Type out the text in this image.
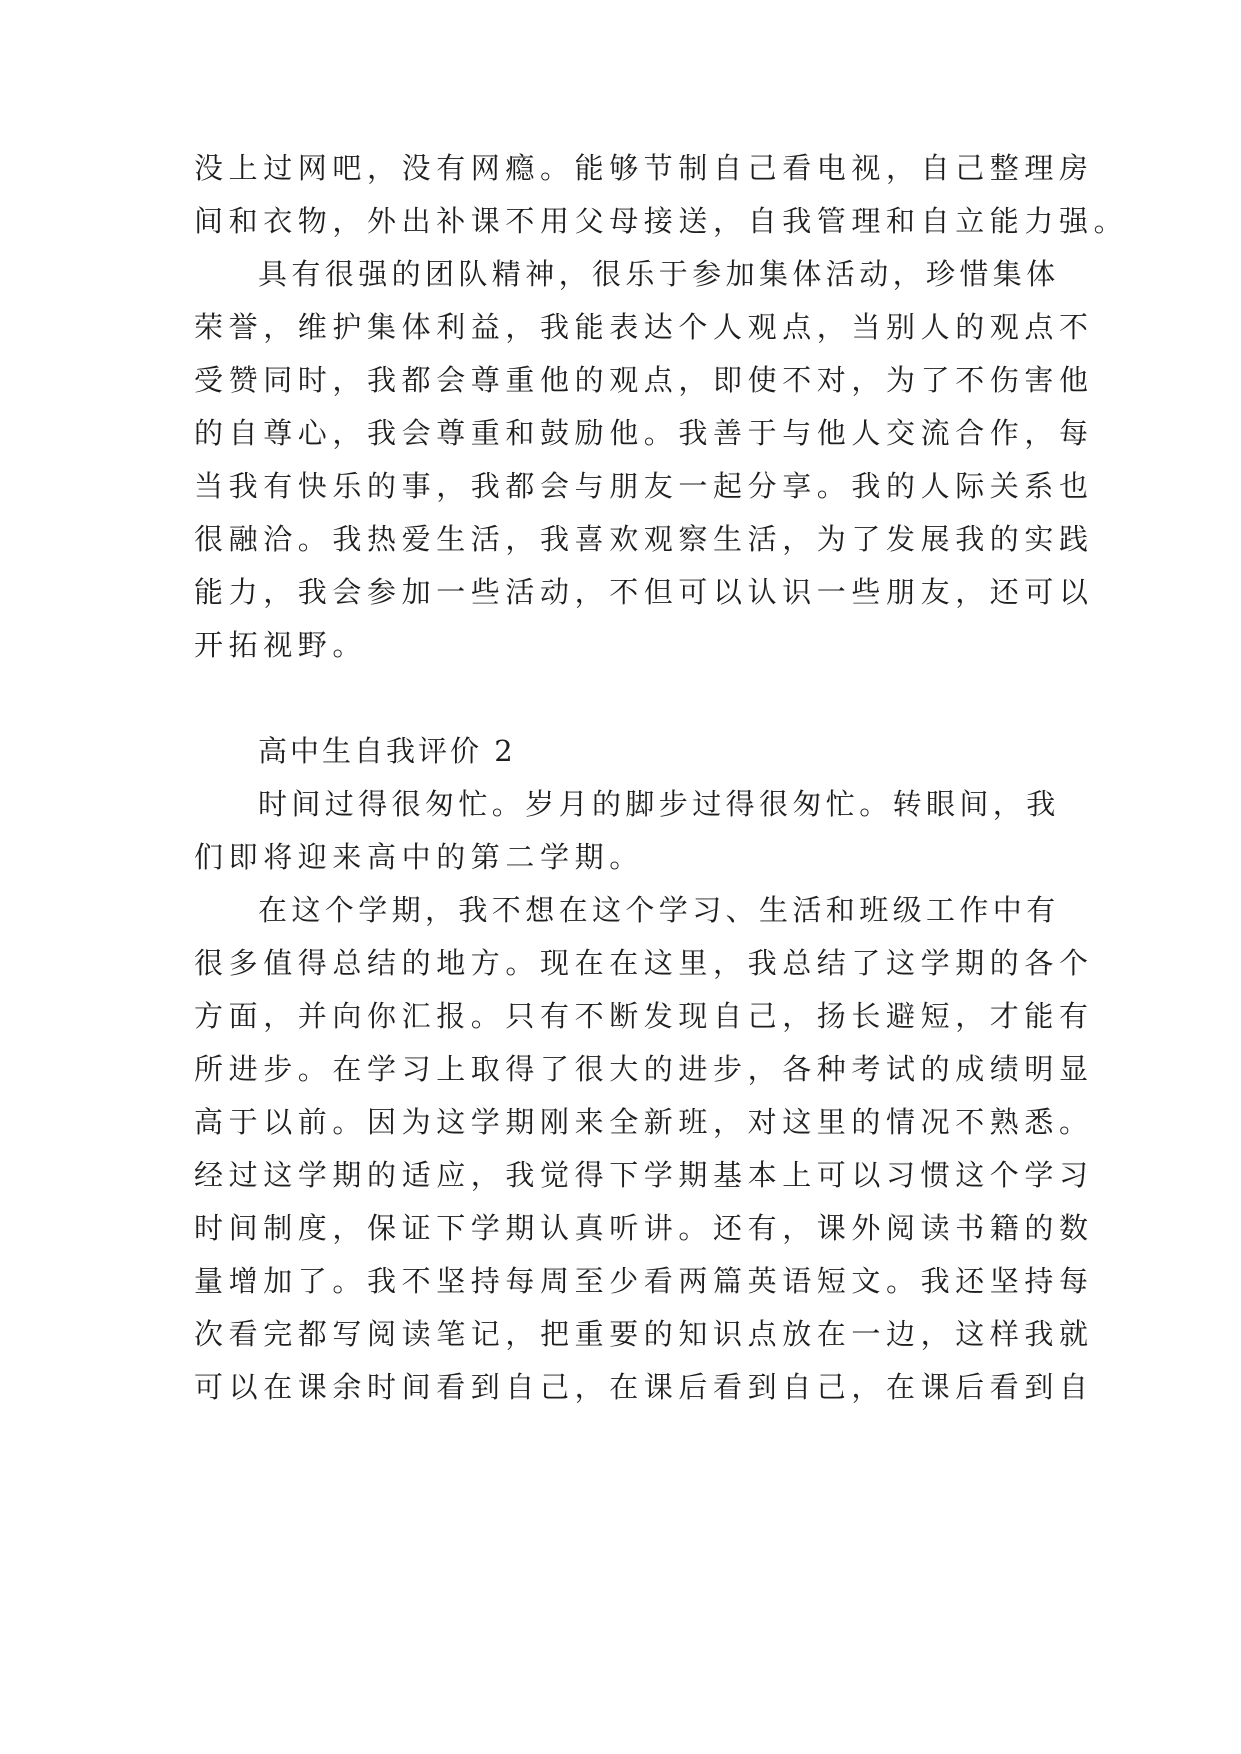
没上过网吧，没有网瘾。能够节制自己看电视，自己整理房

间和衣物，外出补课不用父母接送，自我管理和自立能力强。

具有很强的团队精神，很乐于参加集体活动，珍惜集体

荣誉，维护集体利益，我能表达个人观点，当别人的观点不

受赞同时，我都会尊重他的观点，即使不对，为了不伤害他

的自尊心，我会尊重和鼓励他。我善于与他人交流合作，每

当我有快乐的事，我都会与朋友一起分享。我的人际关系也

很融洽。我热爱生活，我喜欢观察生活，为了发展我的实践

能力，我会参加一些活动，不但可以认识一些朋友，还可以

开拓视野。

高中生自我评价 2

时间过得很匆忙。岁月的脚步过得很匆忙。转眼间，我

们即将迎来高中的第二学期。

在这个学期，我不想在这个学习、生活和班级工作中有

很多值得总结的地方。现在在这里，我总结了这学期的各个

方面，并向你汇报。只有不断发现自己，扬长避短，才能有

所进步。在学习上取得了很大的进步，各种考试的成绩明显

高于以前。因为这学期刚来全新班，对这里的情况不熟悉。

经过这学期的适应，我觉得下学期基本上可以习惯这个学习

时间制度，保证下学期认真听讲。还有，课外阅读书籍的数

量增加了。我不坚持每周至少看两篇英语短文。我还坚持每

次看完都写阅读笔记，把重要的知识点放在一边，这样我就

可以在课余时间看到自己，在课后看到自己，在课后看到自
